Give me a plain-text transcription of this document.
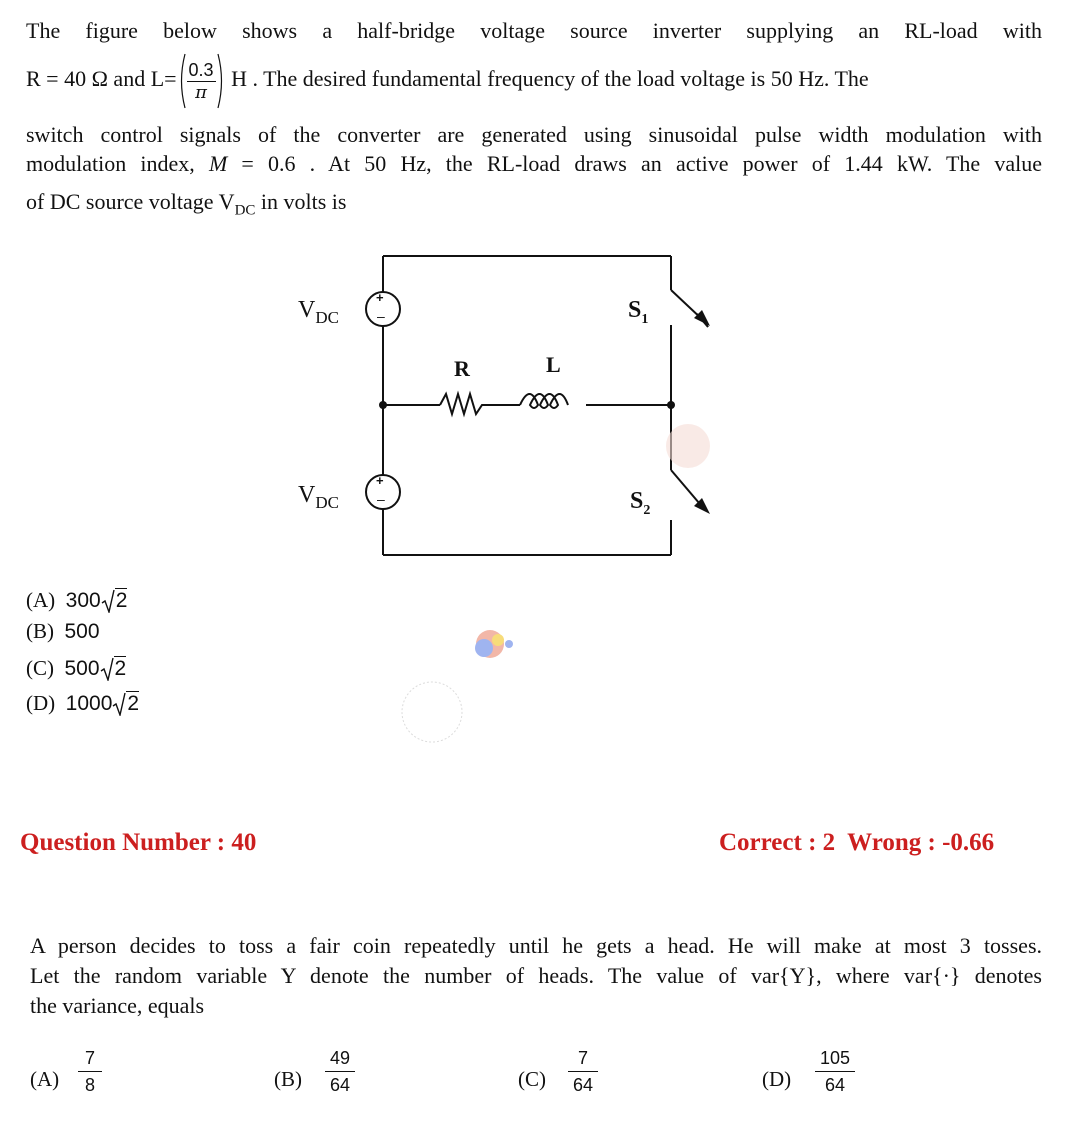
The figure below shows a half-bridge voltage source inverter supplying an RL-load with
R = 40 Ω and $L= \frac{0.3}{\pi}$ H . The desired fundamental frequency of the load voltage is 50 Hz. The
switch control signals of the converter are generated using sinusoidal pulse width modulation with
modulation index, M = 0.6 . At 50 Hz, the RL-load draws an active power of 1.44 kW. The value
of DC source voltage $V_{DC}$ in volts is
$V_{DC}$
$V_{DC}$
+
–
+
–
R	L
$S_1$
$S_2$
(A) 300 2
(B) 500
(C) 500 2
(D) 1000 2
Question Number : 40	Correct : 2  Wrong : -0.66
A person decides to toss a fair coin repeatedly until he gets a head. He will make at most 3 tosses.
Let the random variable Y denote the number of heads. The value of var{Y}, where var{·} denotes
the variance, equals
$(A) \frac{7}{8}$	$(B) \frac{49}{64}$	$(C) \frac{7}{64}$	$(D) \frac{105}{64}$
